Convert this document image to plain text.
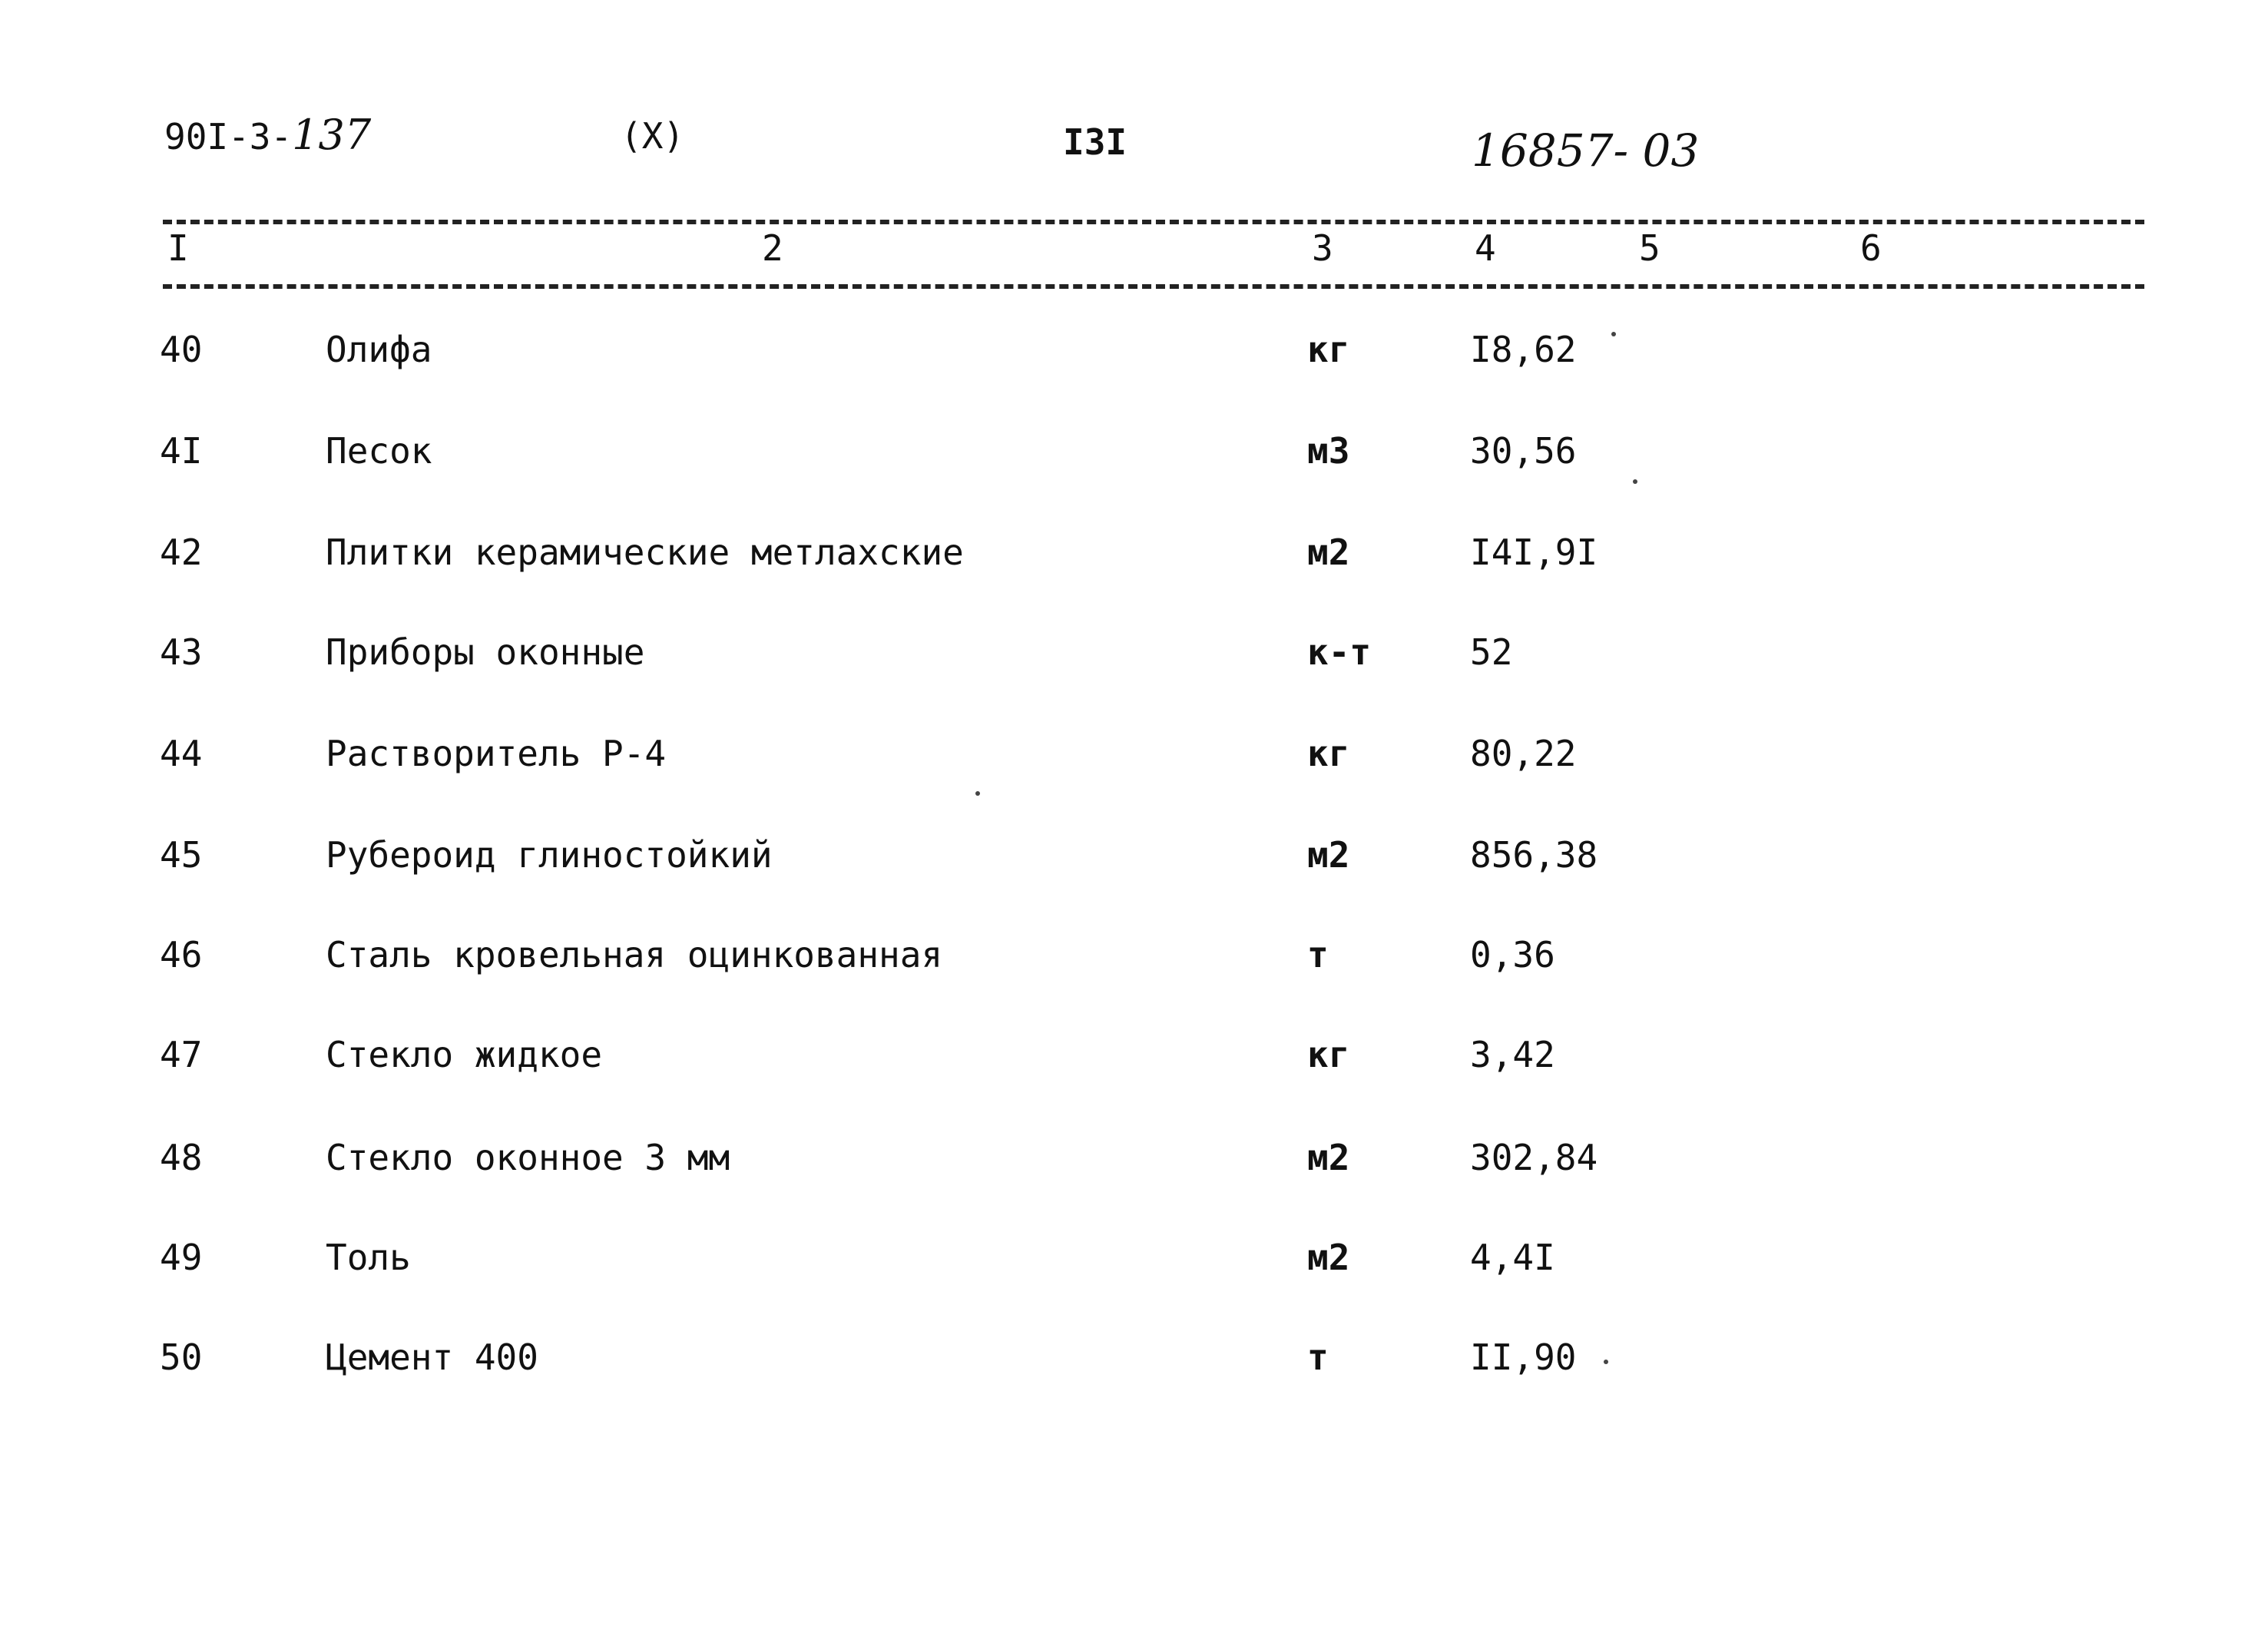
90I-3-137	(X)	I3I	16857- 03
I	2	3	4	5	6
40	Олифа	кг	I8,62
4I	Песок	м3	30,56
42	Плитки керамические метлахские	м2	I4I,9I
43	Приборы оконные	к-т	52
44	Растворитель Р-4	кг	80,22
45	Рубероид глиностойкий	м2	856,38
46	Сталь кровельная оцинкованная	т	0,36
47	Стекло жидкое	кг	3,42
48	Стекло оконное 3 мм	м2	302,84
49	Толь	м2	4,4I
50	Цемент 400	т	II,90
